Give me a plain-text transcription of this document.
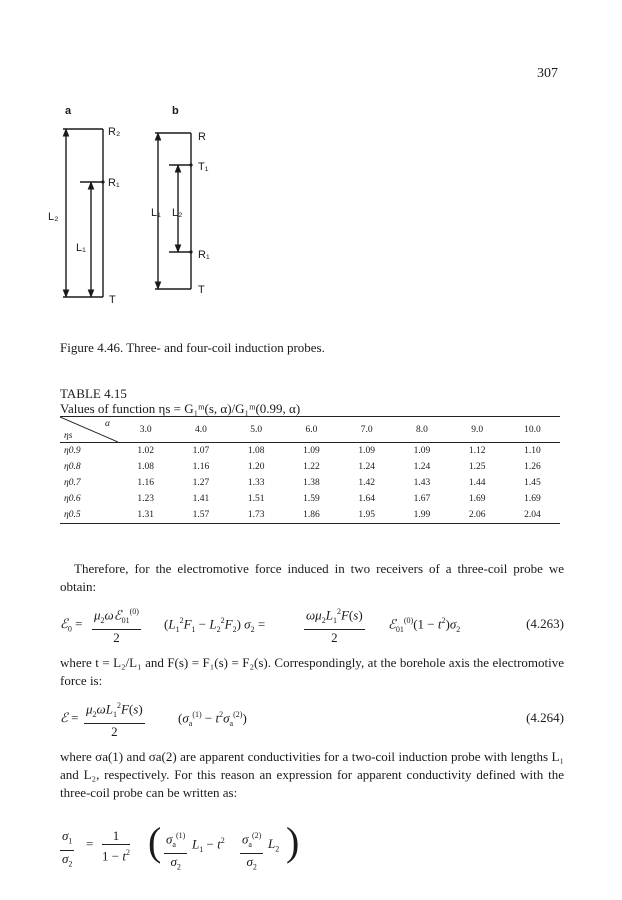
307
a
R₂
R₁
L₂
L₁
T
b
R
T₁
L₁ L₂
R₁
T
Figure 4.46. Three- and four-coil induction probes.
TABLE 4.15
Values of function ηs = G₁ᵐ(s, α)/G₁ᵐ(0.99, α)
α
ηs	3.0	4.0	5.0	6.0	7.0	8.0	9.0	10.0
η0.9	1.02	1.07	1.08	1.09	1.09	1.09	1.12	1.10
η0.8	1.08	1.16	1.20	1.22	1.24	1.24	1.25	1.26
η0.7	1.16	1.27	1.33	1.38	1.42	1.43	1.44	1.45
η0.6	1.23	1.41	1.51	1.59	1.64	1.67	1.69	1.69
η0.5	1.31	1.57	1.73	1.86	1.95	1.99	2.06	2.04
Therefore, for the electromotive force induced in two receivers of a three-coil probe we obtain:
ℰ$_0$ =
$\mu_2\omega ℰ_{01}^{(0)}$
2
$(L_1^2F_1 - L_2^2F_2) \sigma_2$ =	$\frac{\omega\mu_2L_1^2F(s)}{2}$ ℰ$_{01}^{(0)}$(1 − $t^2)\sigma_2$	(4.263)
where t = L₂/L₁ and F(s) = F₁(s) = F₂(s). Correspondingly, at the borehole axis the electromotive force is:
ℰ = $\frac{\mu_2\omega L_1^2F(s)}{2}$	$(\sigma_a^{(1)} - t^2\sigma_a^{(2)})$	(4.264)
where σa(1) and σa(2) are apparent conductivities for a two-coil induction probe with lengths L₁ and L₂, respectively. For this reason an expression for apparent conductivity defined with the three-coil probe can be written as:
$\frac{\sigma_1}{\sigma_2} = \frac{1}{1 - t^2}$ ( $\frac{\sigma_a^{(1)}}{\sigma_2} L_1 - t^2 \frac{\sigma_a^{(2)}}{\sigma_2} L_2$ )
